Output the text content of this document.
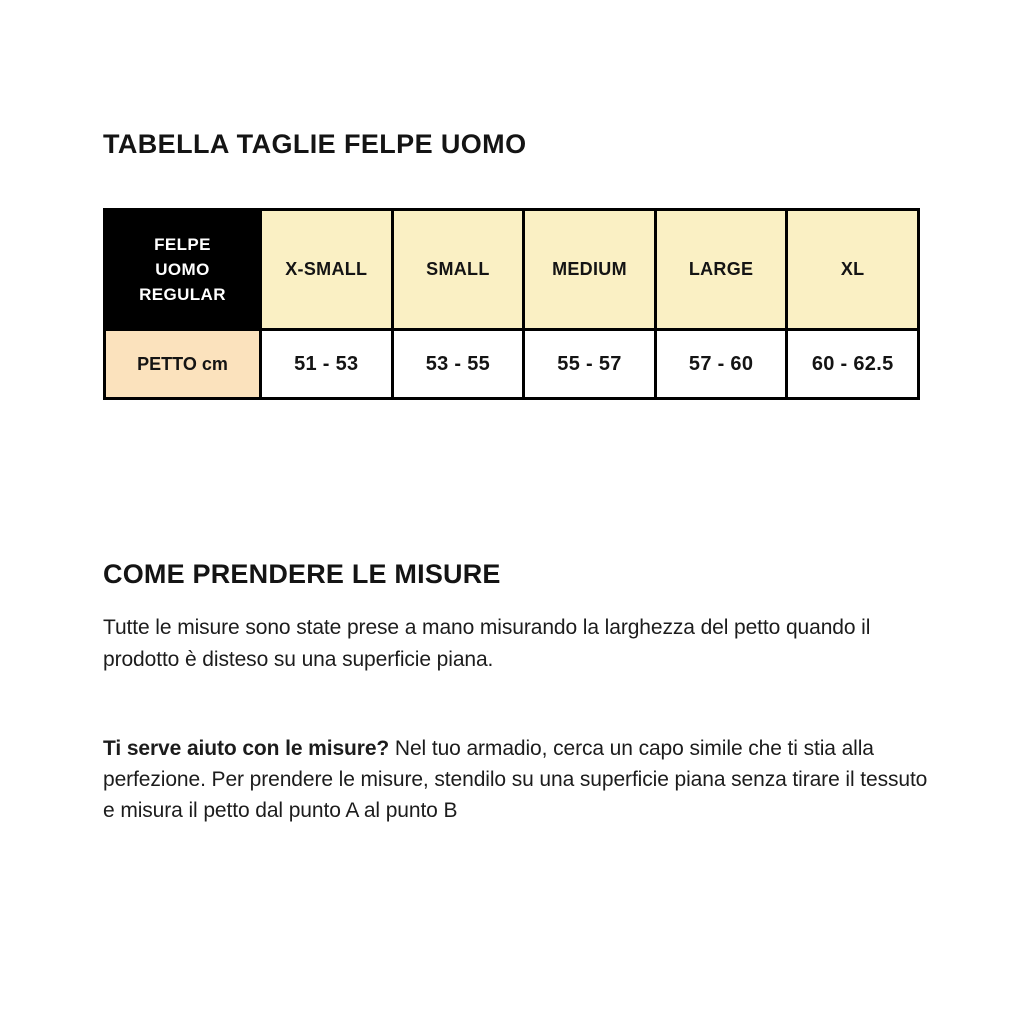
TABELLA TAGLIE FELPE UOMO
FELPE
UOMO
REGULAR	X-SMALL	SMALL	MEDIUM	LARGE	XL
PETTO cm	51 - 53	53 - 55	55 - 57	57 - 60	60 - 62.5
COME PRENDERE LE MISURE

Tutte le misure sono state prese a mano misurando la larghezza del petto quando il prodotto è disteso su una superficie piana.

Ti serve aiuto con le misure? Nel tuo armadio, cerca un capo simile che ti stia alla perfezione. Per prendere le misure, stendilo su una superficie piana senza tirare il tessuto e misura il petto dal punto A al punto B
